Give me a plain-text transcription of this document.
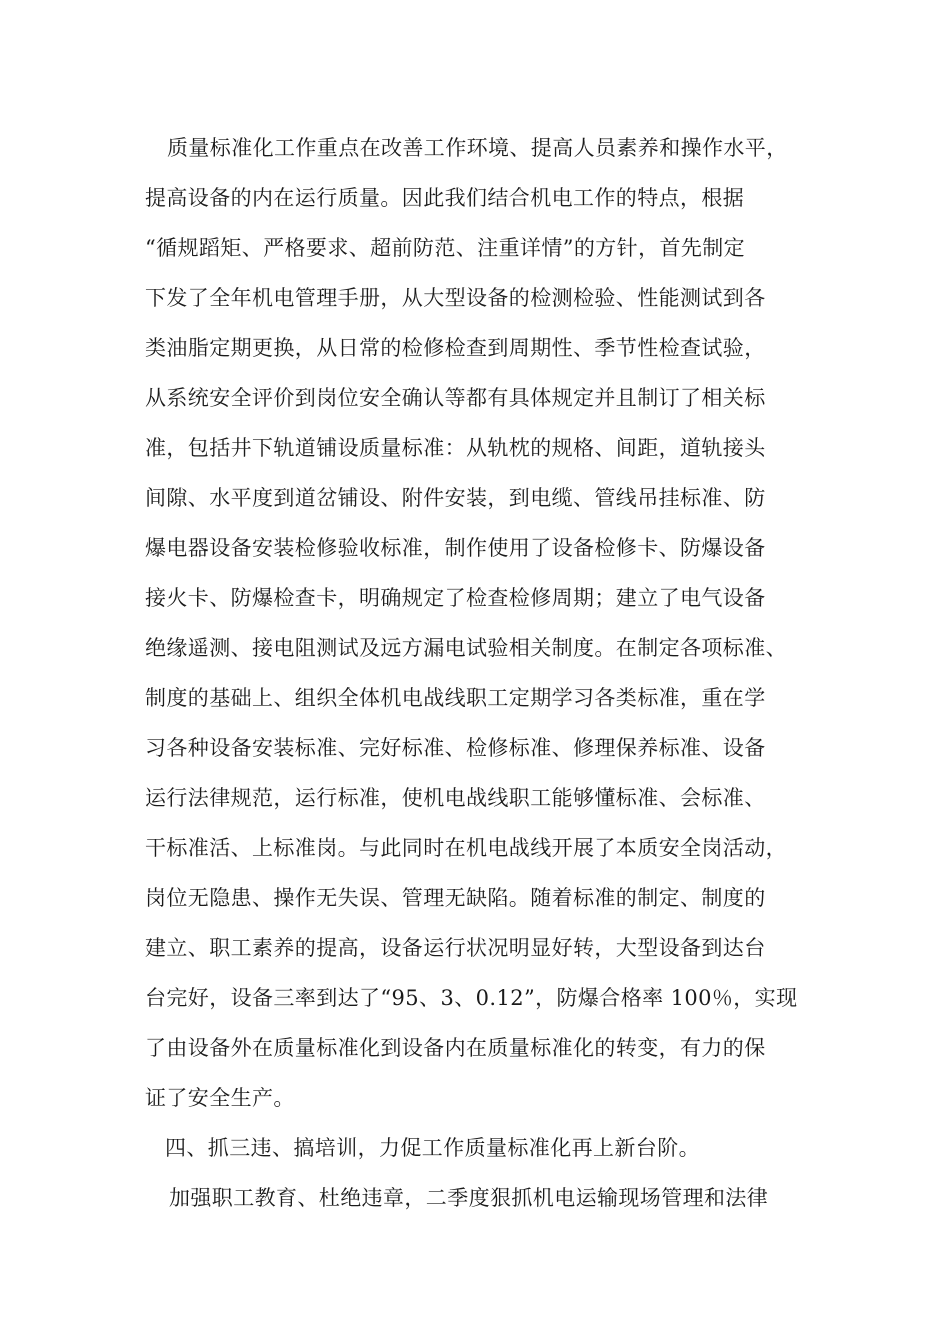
质量标准化工作重点在改善工作环境、提高人员素养和操作水平，
提高设备的内在运行质量。因此我们结合机电工作的特点，根据
“循规蹈矩、严格要求、超前防范、注重详情”的方针，首先制定
下发了全年机电管理手册，从大型设备的检测检验、性能测试到各
类油脂定期更换，从日常的检修检查到周期性、季节性检查试验，
从系统安全评价到岗位安全确认等都有具体规定并且制订了相关标
准，包括井下轨道铺设质量标准：从轨枕的规格、间距，道轨接头
间隙、水平度到道岔铺设、附件安装，到电缆、管线吊挂标准、防
爆电器设备安装检修验收标准，制作使用了设备检修卡、防爆设备
接火卡、防爆检查卡，明确规定了检查检修周期；建立了电气设备
绝缘遥测、接电阻测试及远方漏电试验相关制度。在制定各项标准、
制度的基础上、组织全体机电战线职工定期学习各类标准，重在学
习各种设备安装标准、完好标准、检修标准、修理保养标准、设备
运行法律规范，运行标准，使机电战线职工能够懂标准、会标准、
干标准活、上标准岗。与此同时在机电战线开展了本质安全岗活动，
岗位无隐患、操作无失误、管理无缺陷。随着标准的制定、制度的
建立、职工素养的提高，设备运行状况明显好转，大型设备到达台
台完好，设备三率到达了“95、3、0.12”，防爆合格率 100％，实现
了由设备外在质量标准化到设备内在质量标准化的转变，有力的保
证了安全生产。
四、抓三违、搞培训，力促工作质量标准化再上新台阶。
加强职工教育、杜绝违章，二季度狠抓机电运输现场管理和法律
